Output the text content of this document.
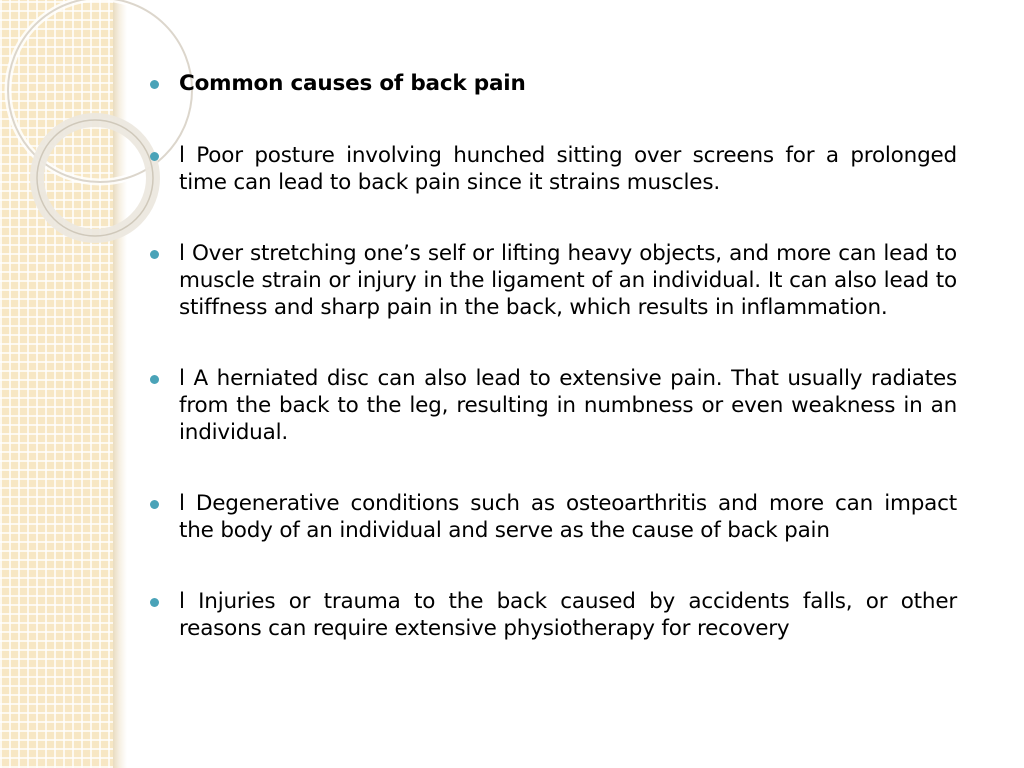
Common causes of back pain
l Poor posture involving hunched sitting over screens for a prolonged time can lead to back pain since it strains muscles.
l Over stretching one’s self or lifting heavy objects, and more can lead to muscle strain or injury in the ligament of an individual. It can also lead to stiffness and sharp pain in the back, which results in inflammation.
l A herniated disc can also lead to extensive pain. That usually radiates from the back to the leg, resulting in numbness or even weakness in an individual.
l Degenerative conditions such as osteoarthritis and more can impact the body of an individual and serve as the cause of back pain
l Injuries or trauma to the back caused by accidents falls, or other reasons can require extensive physiotherapy for recovery
